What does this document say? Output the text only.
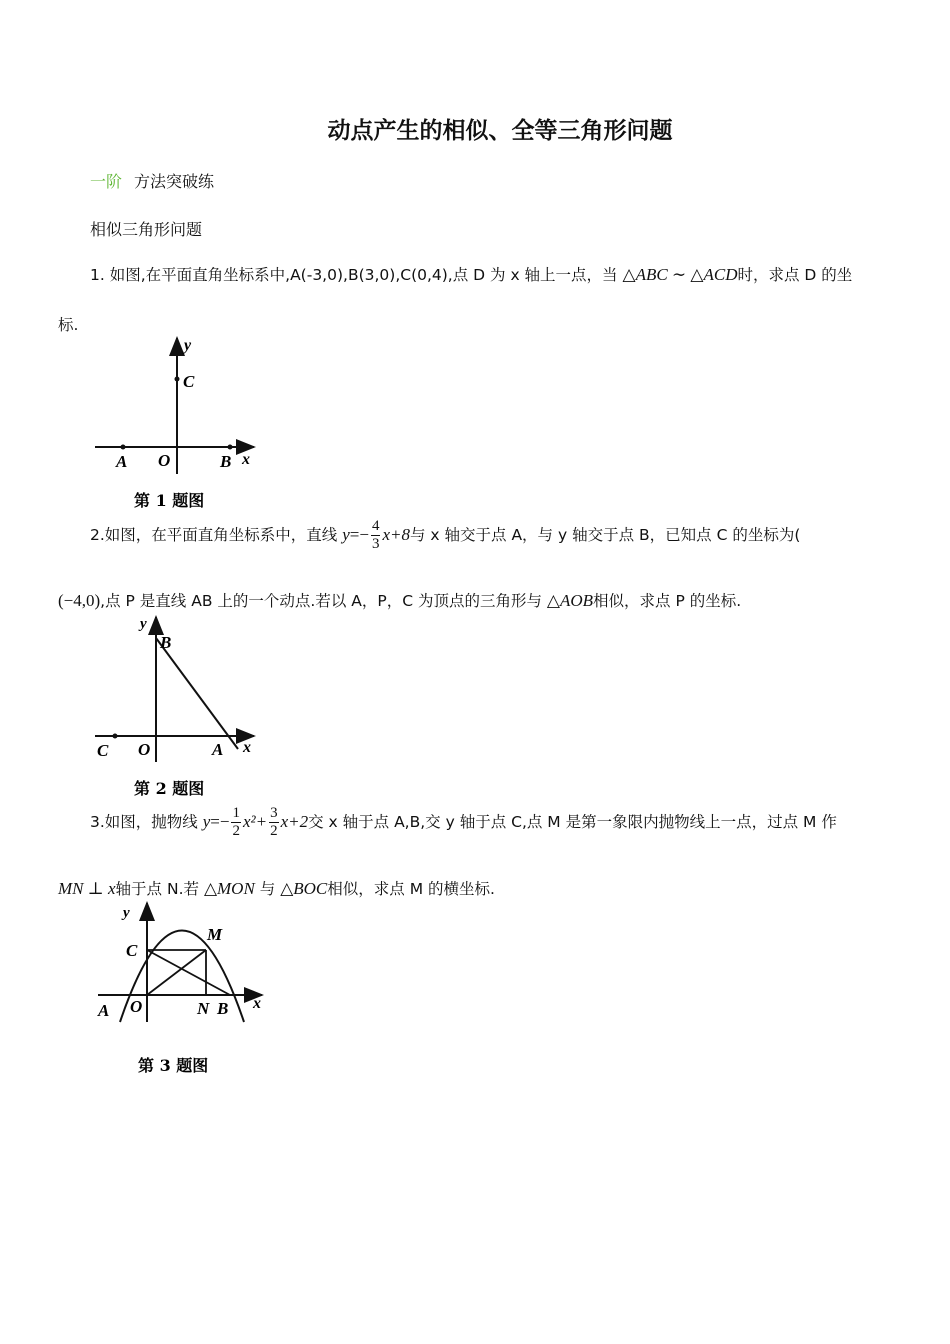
动点产生的相似、全等三角形问题
一阶 方法突破练
相似三角形问题
1. 如图,在平面直角坐标系中,A(-3,0),B(3,0),C(0,4),点 D 为 x 轴上一点，当 △ABC ∼ △ACD时，求点 D 的坐
标.
y
C
A O	B x
第 1 题图
2.如图，在平面直角坐标系中，直线 $y=- \frac{4}{3} x+8$与 x 轴交于点 A，与 y 轴交于点 B，已知点 C 的坐标为(
(−4,0),点 P 是直线 AB 上的一个动点.若以 A，P，C 为顶点的三角形与 △AOB相似，求点 P 的坐标.
y
B
C O	A x
第 2 题图
3.如图，抛物线 $y=- \frac{1}{2} x^2+ \frac{3}{2} x+2$交 x 轴于点 A,B,交 y 轴于点 C,点 M 是第一象限内抛物线上一点，过点 M 作
MN ⊥ x轴于点 N.若 △MON 与 △BOC相似，求点 M 的横坐标.
y
C
M
A O	N B x
第 3 题图
